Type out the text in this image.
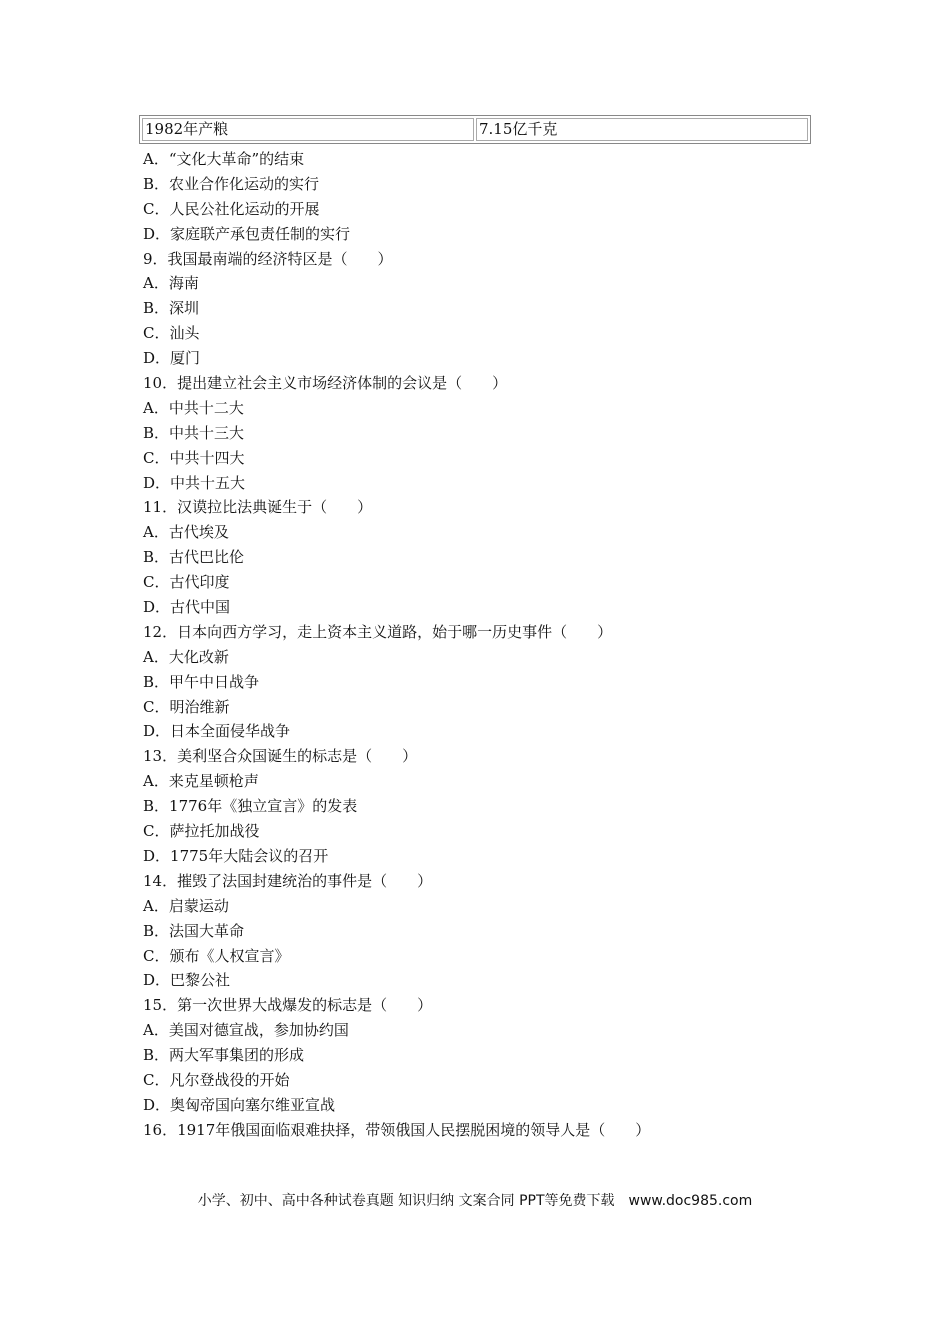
1982年产粮	7.15亿千克
A．“文化大革命”的结束
B．农业合作化运动的实行
C．人民公社化运动的开展
D．家庭联产承包责任制的实行
9．我国最南端的经济特区是（　　）
A．海南
B．深圳
C．汕头
D．厦门
10．提出建立社会主义市场经济体制的会议是（　　）
A．中共十二大
B．中共十三大
C．中共十四大
D．中共十五大
11．汉谟拉比法典诞生于（　　）
A．古代埃及
B．古代巴比伦
C．古代印度
D．古代中国
12．日本向西方学习，走上资本主义道路，始于哪一历史事件（　　）
A．大化改新
B．甲午中日战争
C．明治维新
D．日本全面侵华战争
13．美利坚合众国诞生的标志是（　　）
A．来克星顿枪声
B．1776年《独立宣言》的发表
C．萨拉托加战役
D．1775年大陆会议的召开
14．摧毁了法国封建统治的事件是（　　）
A．启蒙运动
B．法国大革命
C．颁布《人权宣言》
D．巴黎公社
15．第一次世界大战爆发的标志是（　　）
A．美国对德宣战，参加协约国
B．两大军事集团的形成
C．凡尔登战役的开始
D．奥匈帝国向塞尔维亚宣战
16．1917年俄国面临艰难抉择，带领俄国人民摆脱困境的领导人是（　　）
小学、初中、高中各种试卷真题 知识归纳 文案合同 PPT等免费下载　www.doc985.com
